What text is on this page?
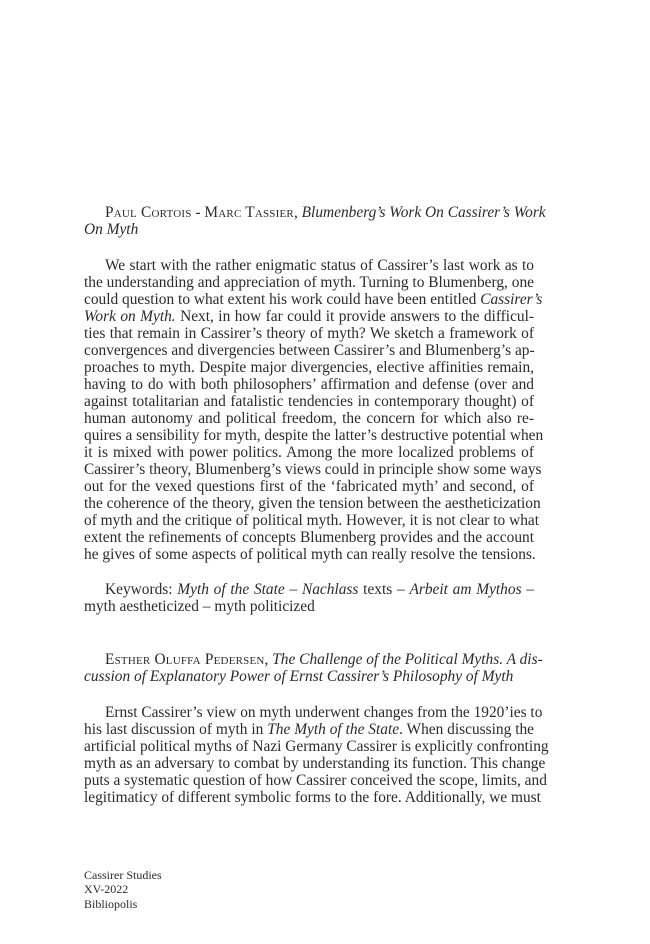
Paul Cortois - Marc Tassier, Blumenberg’s Work On Cassirer’s Work
On Myth
We start with the rather enigmatic status of Cassirer’s last work as to
the understanding and appreciation of myth. Turning to Blumenberg, one
could question to what extent his work could have been entitled Cassirer’s
Work on Myth. Next, in how far could it provide answers to the difficul-
ties that remain in Cassirer’s theory of myth? We sketch a framework of
convergences and divergencies between Cassirer’s and Blumenberg’s ap-
proaches to myth. Despite major divergencies, elective affinities remain,
having to do with both philosophers’ affirmation and defense (over and
against totalitarian and fatalistic tendencies in contemporary thought) of
human autonomy and political freedom, the concern for which also re-
quires a sensibility for myth, despite the latter’s destructive potential when
it is mixed with power politics. Among the more localized problems of
Cassirer’s theory, Blumenberg’s views could in principle show some ways
out for the vexed questions first of the ‘fabricated myth’ and second, of
the coherence of the theory, given the tension between the aestheticization
of myth and the critique of political myth. However, it is not clear to what
extent the refinements of concepts Blumenberg provides and the account
he gives of some aspects of political myth can really resolve the tensions.
Keywords: Myth of the State – Nachlass texts – Arbeit am Mythos –
myth aestheticized – myth politicized
Esther Oluffa Pedersen, The Challenge of the Political Myths. A dis-
cussion of Explanatory Power of Ernst Cassirer’s Philosophy of Myth
Ernst Cassirer’s view on myth underwent changes from the 1920’ies to
his last discussion of myth in The Myth of the State. When discussing the
artificial political myths of Nazi Germany Cassirer is explicitly confronting
myth as an adversary to combat by understanding its function. This change
puts a systematic question of how Cassirer conceived the scope, limits, and
legitimaticy of different symbolic forms to the fore. Additionally, we must
Cassirer Studies
XV-2022
Bibliopolis
